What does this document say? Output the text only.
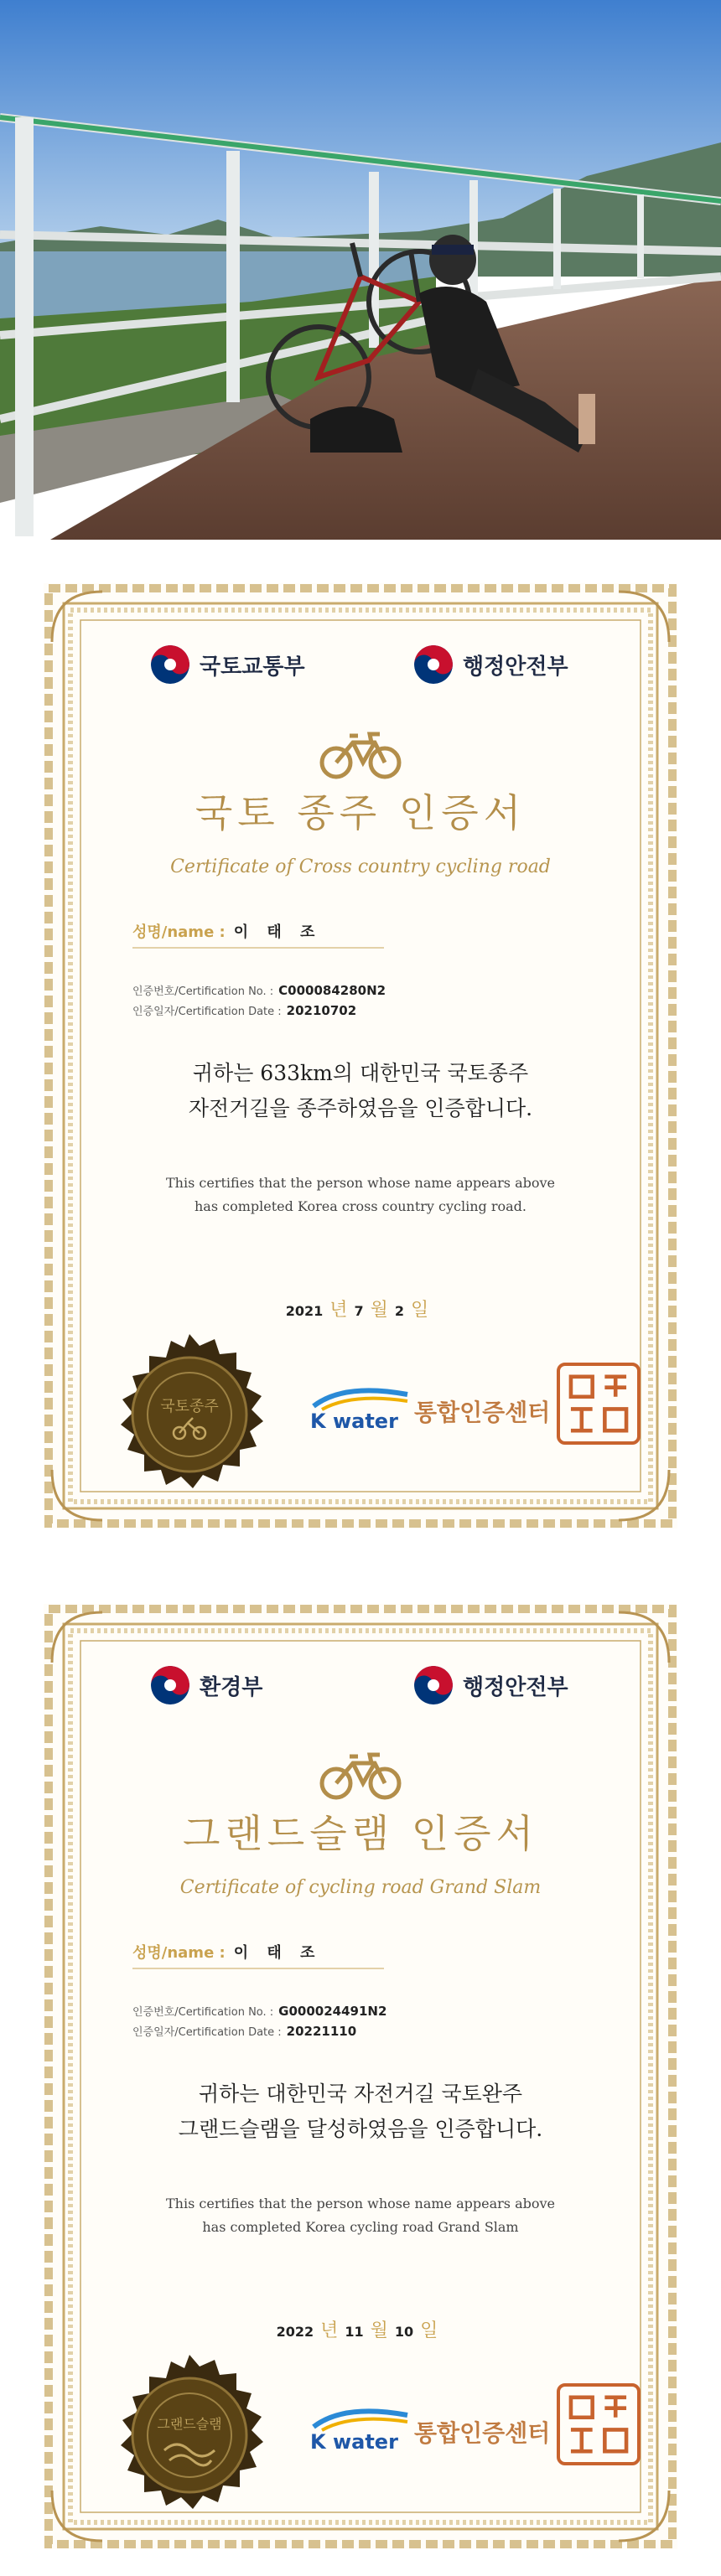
국토교통부	행정안전부
국토 종주 인증서
Certificate of Cross country cycling road
성명/name : 이 태 조
인증번호/Certification No. : C000084280N2
인증일자/Certification Date : 20210702
귀하는 633km의 대한민국 국토종주
자전거길을 종주하였음을 인증합니다.
This certifies that the person whose name appears above
has completed Korea cross country cycling road.
2021 년 7 월 2 일
국토종주
K water 통합인증센터
환경부	행정안전부
그랜드슬램 인증서
Certificate of cycling road Grand Slam
성명/name : 이 태 조
인증번호/Certification No. : G000024491N2
인증일자/Certification Date : 20221110
귀하는 대한민국 자전거길 국토완주
그랜드슬램을 달성하였음을 인증합니다.
This certifies that the person whose name appears above
has completed Korea cycling road Grand Slam
2022 년 11 월 10 일
그랜드슬램
K water 통합인증센터
